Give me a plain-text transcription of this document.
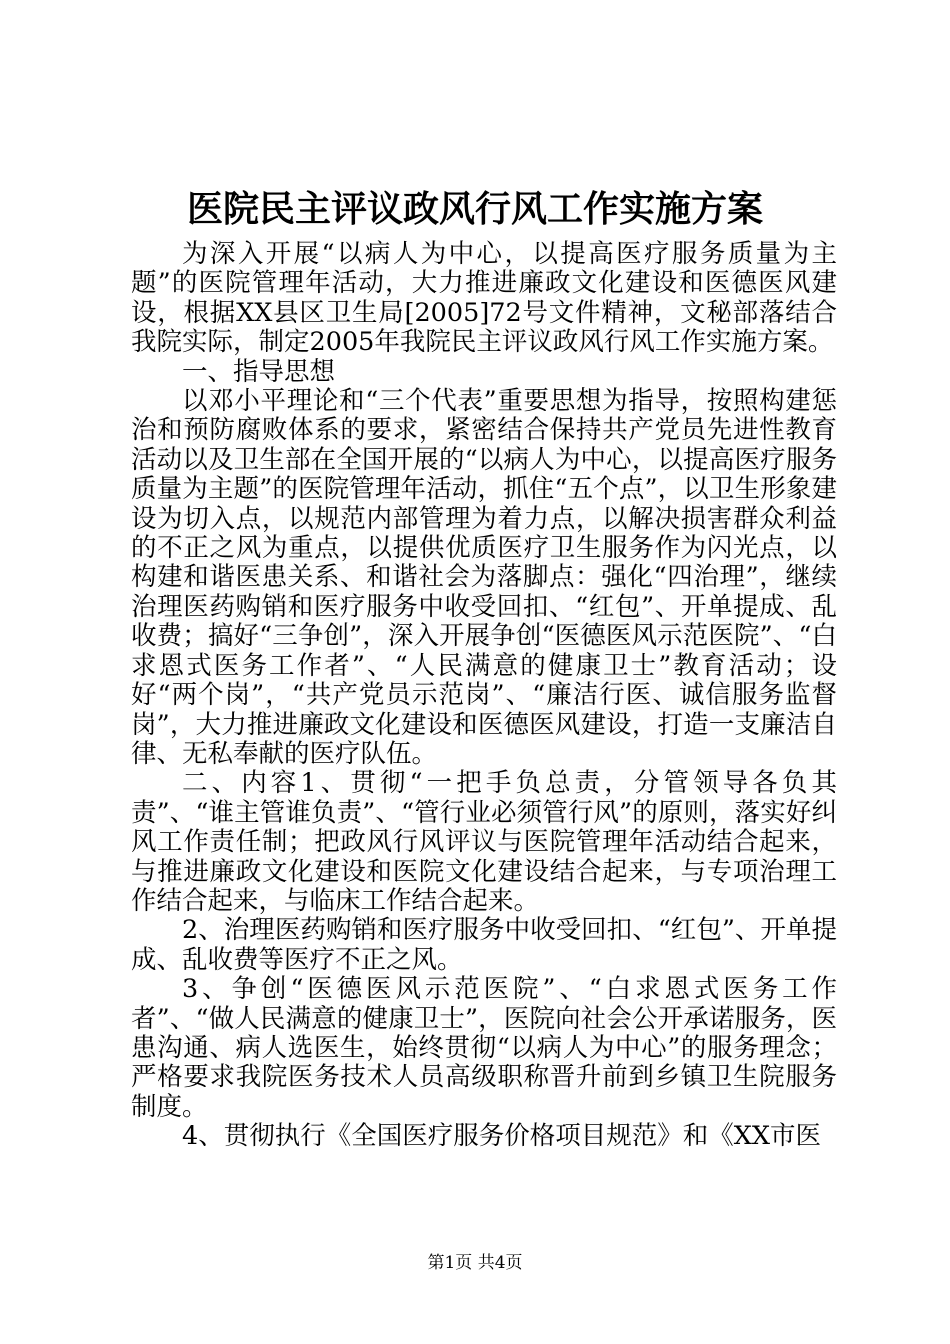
医院民主评议政风行风工作实施方案

为深入开展“以病人为中心，以提高医疗服务质量为主题”的医院管理年活动，大力推进廉政文化建设和医德医风建设，根据XX县区卫生局[2005]72号文件精神，文秘部落结合我院实际，制定2005年我院民主评议政风行风工作实施方案。

一、指导思想

以邓小平理论和“三个代表”重要思想为指导，按照构建惩治和预防腐败体系的要求，紧密结合保持共产党员先进性教育活动以及卫生部在全国开展的“以病人为中心，以提高医疗服务质量为主题”的医院管理年活动，抓住“五个点”，以卫生形象建设为切入点，以规范内部管理为着力点，以解决损害群众利益的不正之风为重点，以提供优质医疗卫生服务作为闪光点，以构建和谐医患关系、和谐社会为落脚点：强化“四治理”，继续治理医药购销和医疗服务中收受回扣、“红包”、开单提成、乱收费；搞好“三争创”，深入开展争创“医德医风示范医院”、“白求恩式医务工作者”、“人民满意的健康卫士”教育活动；设好“两个岗”，“共产党员示范岗”、“廉洁行医、诚信服务监督岗”，大力推进廉政文化建设和医德医风建设，打造一支廉洁自律、无私奉献的医疗队伍。

二、内容1、贯彻“一把手负总责，分管领导各负其责”、“谁主管谁负责”、“管行业必须管行风”的原则，落实好纠风工作责任制；把政风行风评议与医院管理年活动结合起来，与推进廉政文化建设和医院文化建设结合起来，与专项治理工作结合起来，与临床工作结合起来。

2、治理医药购销和医疗服务中收受回扣、“红包”、开单提成、乱收费等医疗不正之风。

3、争创“医德医风示范医院”、“白求恩式医务工作者”、“做人民满意的健康卫士”，医院向社会公开承诺服务，医患沟通、病人选医生，始终贯彻“以病人为中心”的服务理念；严格要求我院医务技术人员高级职称晋升前到乡镇卫生院服务制度。

4、贯彻执行《全国医疗服务价格项目规范》和《XX市医

第1页 共4页
